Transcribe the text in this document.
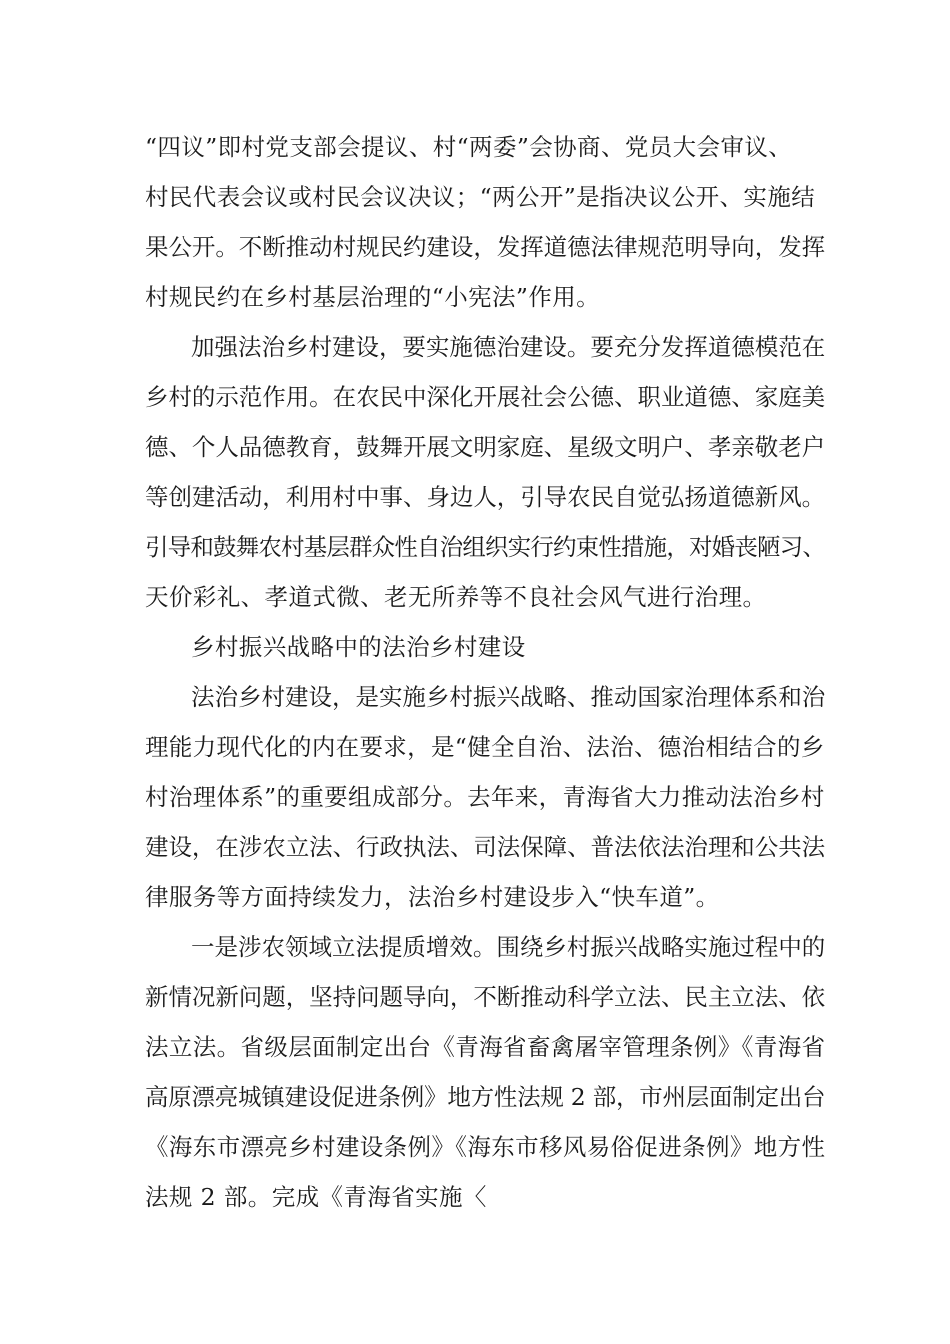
“四议”即村党支部会提议、村“两委”会协商、党员大会审议、
村民代表会议或村民会议决议；“两公开”是指决议公开、实施结
果公开。不断推动村规民约建设，发挥道德法律规范明导向，发挥
村规民约在乡村基层治理的“小宪法”作用。
加强法治乡村建设，要实施德治建设。要充分发挥道德模范在
乡村的示范作用。在农民中深化开展社会公德、职业道德、家庭美
德、个人品德教育，鼓舞开展文明家庭、星级文明户、孝亲敬老户
等创建活动，利用村中事、身边人，引导农民自觉弘扬道德新风。
引导和鼓舞农村基层群众性自治组织实行约束性措施，对婚丧陋习、
天价彩礼、孝道式微、老无所养等不良社会风气进行治理。
乡村振兴战略中的法治乡村建设
法治乡村建设，是实施乡村振兴战略、推动国家治理体系和治
理能力现代化的内在要求，是“健全自治、法治、德治相结合的乡
村治理体系”的重要组成部分。去年来，青海省大力推动法治乡村
建设，在涉农立法、行政执法、司法保障、普法依法治理和公共法
律服务等方面持续发力，法治乡村建设步入“快车道”。
一是涉农领域立法提质增效。围绕乡村振兴战略实施过程中的
新情况新问题，坚持问题导向，不断推动科学立法、民主立法、依
法立法。省级层面制定出台《青海省畜禽屠宰管理条例》《青海省
高原漂亮城镇建设促进条例》地方性法规 2 部，市州层面制定出台
《海东市漂亮乡村建设条例》《海东市移风易俗促进条例》地方性
法规 2 部。完成《青海省实施〈
